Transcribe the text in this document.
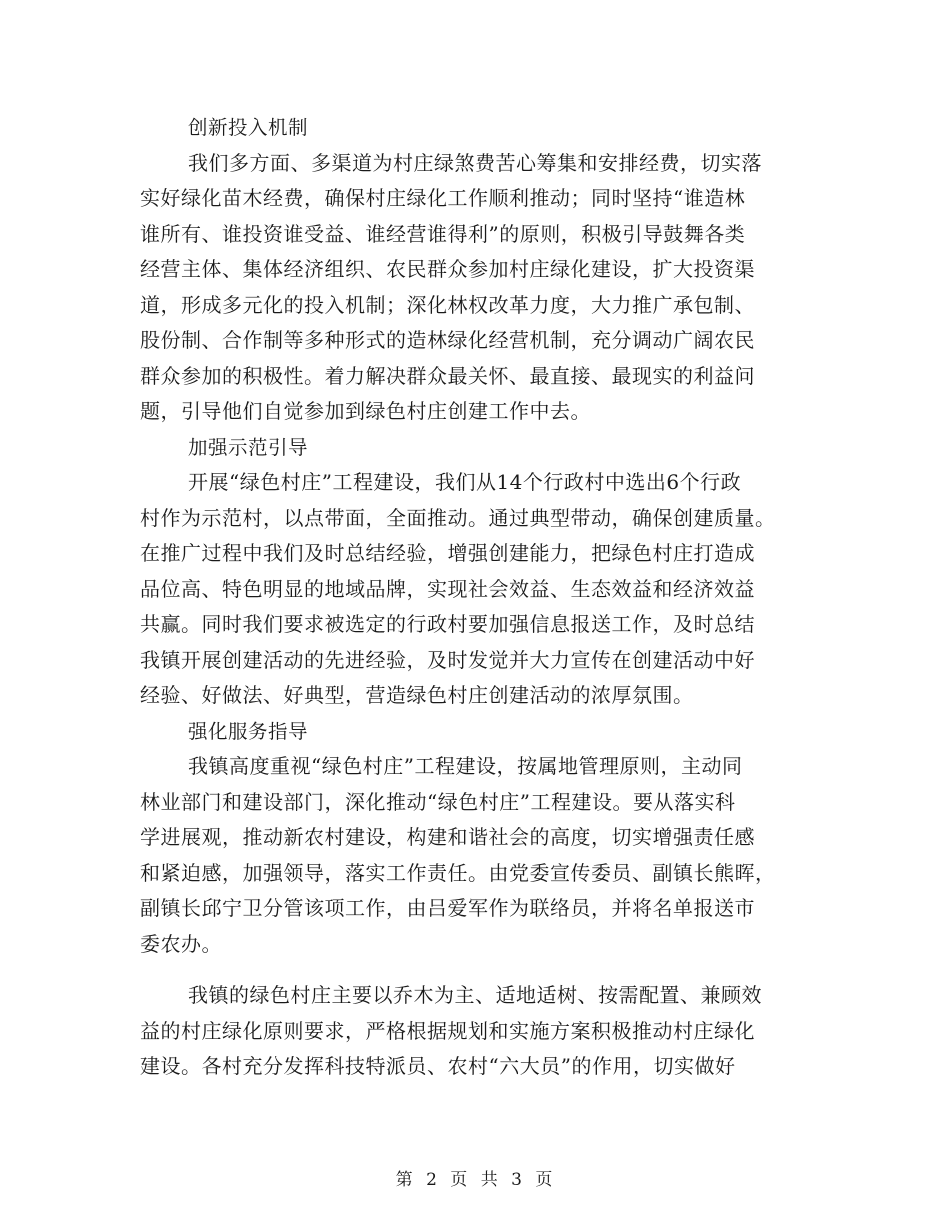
创新投入机制
我们多方面、多渠道为村庄绿煞费苦心筹集和安排经费，切实落
实好绿化苗木经费，确保村庄绿化工作顺利推动；同时坚持“谁造林
谁所有、谁投资谁受益、谁经营谁得利”的原则，积极引导鼓舞各类
经营主体、集体经济组织、农民群众参加村庄绿化建设，扩大投资渠
道，形成多元化的投入机制；深化林权改革力度，大力推广承包制、
股份制、合作制等多种形式的造林绿化经营机制，充分调动广阔农民
群众参加的积极性。着力解决群众最关怀、最直接、最现实的利益问
题，引导他们自觉参加到绿色村庄创建工作中去。
加强示范引导
开展“绿色村庄”工程建设，我们从14个行政村中选出6个行政
村作为示范村，以点带面，全面推动。通过典型带动，确保创建质量。
在推广过程中我们及时总结经验，增强创建能力，把绿色村庄打造成
品位高、特色明显的地域品牌，实现社会效益、生态效益和经济效益
共赢。同时我们要求被选定的行政村要加强信息报送工作，及时总结
我镇开展创建活动的先进经验，及时发觉并大力宣传在创建活动中好
经验、好做法、好典型，营造绿色村庄创建活动的浓厚氛围。
强化服务指导
我镇高度重视“绿色村庄”工程建设，按属地管理原则，主动同
林业部门和建设部门，深化推动“绿色村庄”工程建设。要从落实科
学进展观，推动新农村建设，构建和谐社会的高度，切实增强责任感
和紧迫感，加强领导，落实工作责任。由党委宣传委员、副镇长熊晖，
副镇长邱宁卫分管该项工作，由吕爱军作为联络员，并将名单报送市
委农办。
我镇的绿色村庄主要以乔木为主、适地适树、按需配置、兼顾效
益的村庄绿化原则要求，严格根据规划和实施方案积极推动村庄绿化
建设。各村充分发挥科技特派员、农村“六大员”的作用，切实做好
第 2 页 共 3 页
